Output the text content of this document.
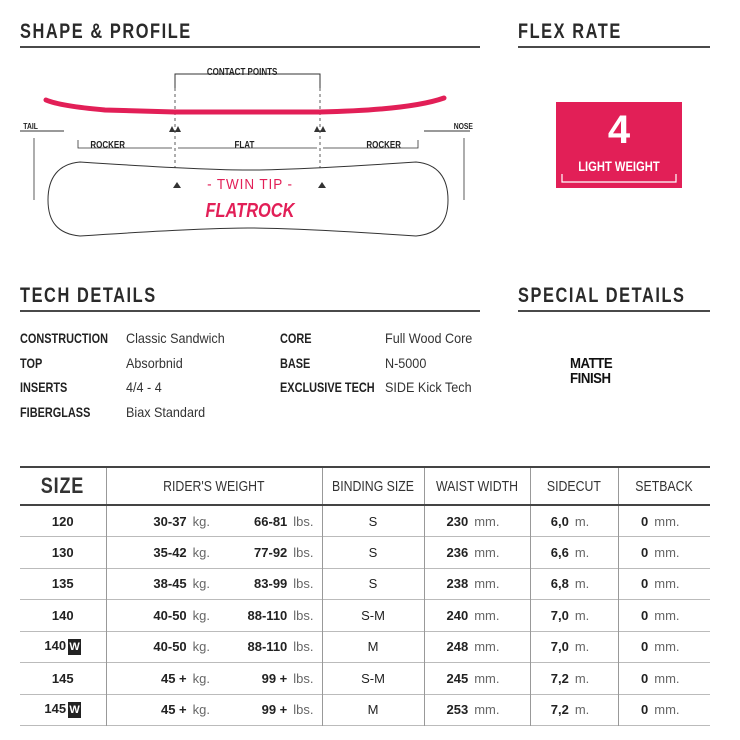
SHAPE & PROFILE	FLEX RATE
TECH DETAILS	SPECIAL DETAILS
CONTACT POINTS
TAIL	NOSE
ROCKER	FLAT	ROCKER
- TWIN TIP -
FLATROCK
4
LIGHT WEIGHT
CONSTRUCTION Classic Sandwich
TOP	Absorbnid
INSERTS	4/4 - 4
FIBERGLASS	Biax Standard
CORE	Full Wood Core
BASE	N-5000
EXCLUSIVE TECH SIDE Kick Tech
MATTE
FINISH
SIZE	RIDER'S WEIGHT		BINDING SIZE	WAIST WIDTH	SIDECUT	SETBACK
120	30-37 kg.	66-81 lbs.	S	230 mm.	6,0 m.	0 mm.

130	35-42 kg.	77-92 lbs.	S	236 mm.	6,6 m.	0 mm.

135	38-45 kg.	83-99 lbs.	S	238 mm.	6,8 m.	0 mm.

140	40-50 kg.	88-110 lbs.	S-M	240 mm.	7,0 m.	0 mm.

140 W	40-50 kg.	88-110 lbs.	M	248 mm.	7,0 m.	0 mm.

145	45 + kg.	99 + lbs.	S-M	245 mm.	7,2 m.	0 mm.

145 W	45 + kg.	99 + lbs.	M	253 mm.	7,2 m.	0 mm.
